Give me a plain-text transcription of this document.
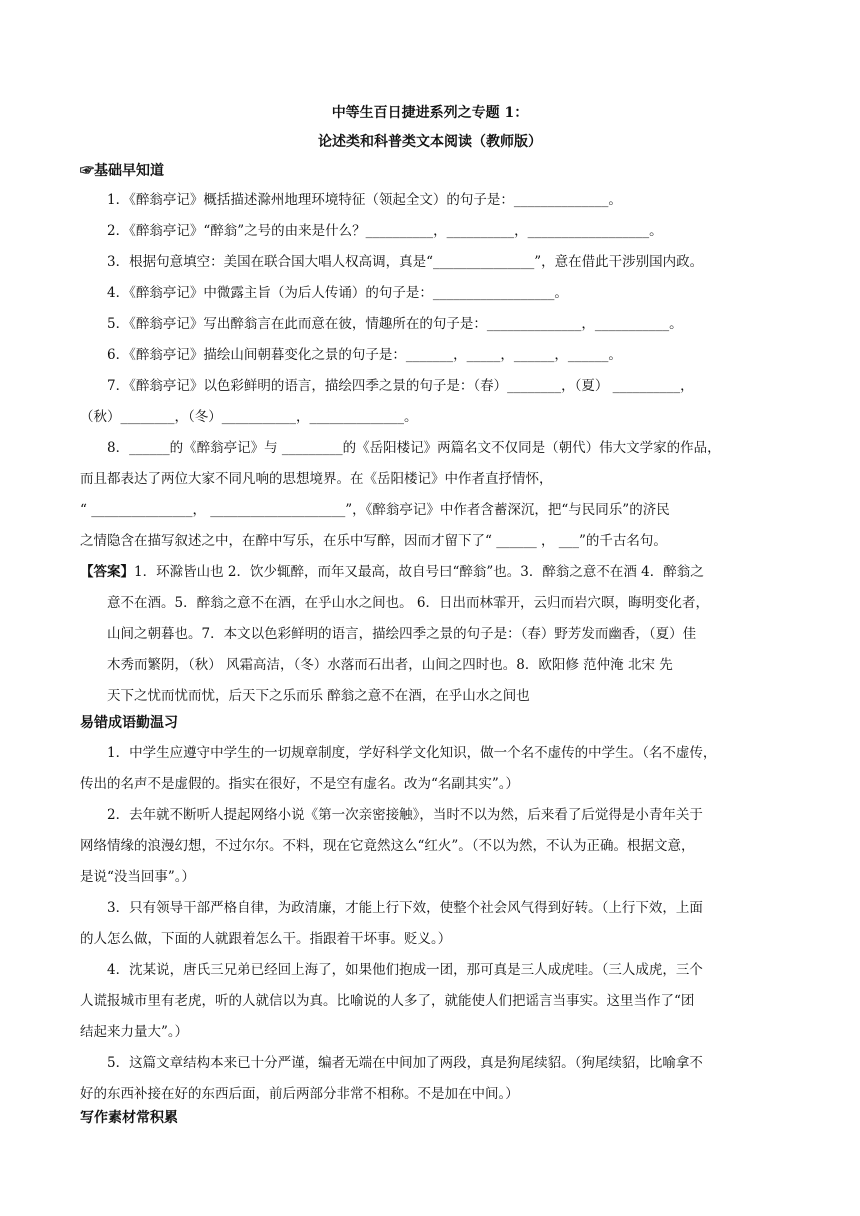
中等生百日捷进系列之专题 1：
论述类和科普类文本阅读（教师版）
☞基础早知道

1．《醉翁亭记》概括描述滁州地理环境特征（领起全文）的句子是：______________。

2．《醉翁亭记》“醉翁”之号的由来是什么？__________，__________，__________________。

3．根据句意填空：美国在联合国大唱人权高调，真是“_______________”，意在借此干涉别国内政。

4．《醉翁亭记》中微露主旨（为后人传诵）的句子是：__________________。

5．《醉翁亭记》写出醉翁言在此而意在彼，情趣所在的句子是：______________，___________。

6．《醉翁亭记》描绘山间朝暮变化之景的句子是：_______，_____，______，______。

7．《醉翁亭记》以色彩鲜明的语言，描绘四季之景的句子是：（春）________，（夏） __________，

（秋）________，（冬）___________，______________。

8．______的《醉翁亭记》与 _________的《岳阳楼记》两篇名文不仅同是（朝代）伟大文学家的作品，

而且都表达了两位大家不同凡响的思想境界。在《岳阳楼记》中作者直抒情怀，

“ _______________， ____________________”，《醉翁亭记》中作者含蓄深沉，把“与民同乐”的济民

之情隐含在描写叙述之中，在醉中写乐，在乐中写醉，因而才留下了“ ______ ， ___”的千古名句。

【答案】1．环滁皆山也 2．饮少辄醉，而年又最高，故自号曰“醉翁”也。3．醉翁之意不在酒 4．醉翁之

意不在酒。5．醉翁之意不在酒，在乎山水之间也。 6．日出而林霏开，云归而岩穴暝，晦明变化者，

山间之朝暮也。7．本文以色彩鲜明的语言，描绘四季之景的句子是：（春）野芳发而幽香，（夏）佳

木秀而繁阴，（秋） 风霜高洁，（冬）水落而石出者，山间之四时也。8．欧阳修 范仲淹 北宋 先

天下之忧而忧而忧，后天下之乐而乐 醉翁之意不在酒，在乎山水之间也

易错成语勤温习

1．中学生应遵守中学生的一切规章制度，学好科学文化知识，做一个名不虚传的中学生。（名不虚传，

传出的名声不是虚假的。指实在很好，不是空有虚名。改为“名副其实”。）

2．去年就不断听人提起网络小说《第一次亲密接触》，当时不以为然，后来看了后觉得是小青年关于

网络情缘的浪漫幻想，不过尔尔。不料，现在它竟然这么“红火”。（不以为然，不认为正确。根据文意，

是说“没当回事”。）

3．只有领导干部严格自律，为政清廉，才能上行下效，使整个社会风气得到好转。（上行下效，上面

的人怎么做，下面的人就跟着怎么干。指跟着干坏事。贬义。）

4．沈某说，唐氏三兄弟已经回上海了，如果他们抱成一团，那可真是三人成虎哇。（三人成虎，三个

人谎报城市里有老虎，听的人就信以为真。比喻说的人多了，就能使人们把谣言当事实。这里当作了“团

结起来力量大”。）

5．这篇文章结构本来已十分严谨，编者无端在中间加了两段，真是狗尾续貂。（狗尾续貂，比喻拿不

好的东西补接在好的东西后面，前后两部分非常不相称。不是加在中间。）

写作素材常积累
